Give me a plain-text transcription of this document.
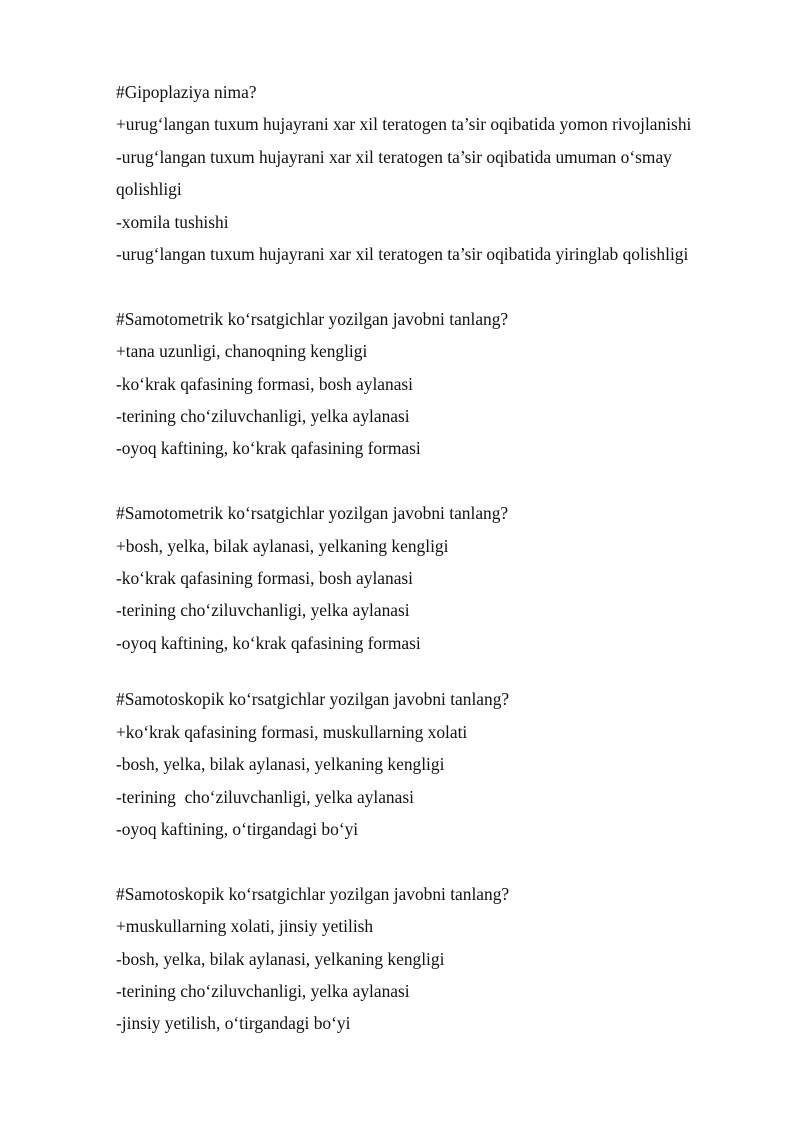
#Gipoplaziya nima?

+urug‘langan tuxum hujayrani xar xil teratogen ta’sir oqibatida yomon rivojlanishi

-urug‘langan tuxum hujayrani xar xil teratogen ta’sir oqibatida umuman o‘smay qolishligi

-xomila tushishi

-urug‘langan tuxum hujayrani xar xil teratogen ta’sir oqibatida yiringlab qolishligi

#Samotometrik ko‘rsatgichlar yozilgan javobni tanlang?

+tana uzunligi, chanoqning kengligi

-ko‘krak qafasining formasi, bosh aylanasi

-terining cho‘ziluvchanligi, yelka aylanasi

-oyoq kaftining, ko‘krak qafasining formasi

#Samotometrik ko‘rsatgichlar yozilgan javobni tanlang?

+bosh, yelka, bilak aylanasi, yelkaning kengligi

-ko‘krak qafasining formasi, bosh aylanasi

-terining cho‘ziluvchanligi, yelka aylanasi

-oyoq kaftining, ko‘krak qafasining formasi

#Samotoskopik ko‘rsatgichlar yozilgan javobni tanlang?

+ko‘krak qafasining formasi, muskullarning xolati

-bosh, yelka, bilak aylanasi, yelkaning kengligi

-terining  cho‘ziluvchanligi, yelka aylanasi

-oyoq kaftining, o‘tirgandagi bo‘yi

#Samotoskopik ko‘rsatgichlar yozilgan javobni tanlang?

+muskullarning xolati, jinsiy yetilish

-bosh, yelka, bilak aylanasi, yelkaning kengligi

-terining cho‘ziluvchanligi, yelka aylanasi

-jinsiy yetilish, o‘tirgandagi bo‘yi
